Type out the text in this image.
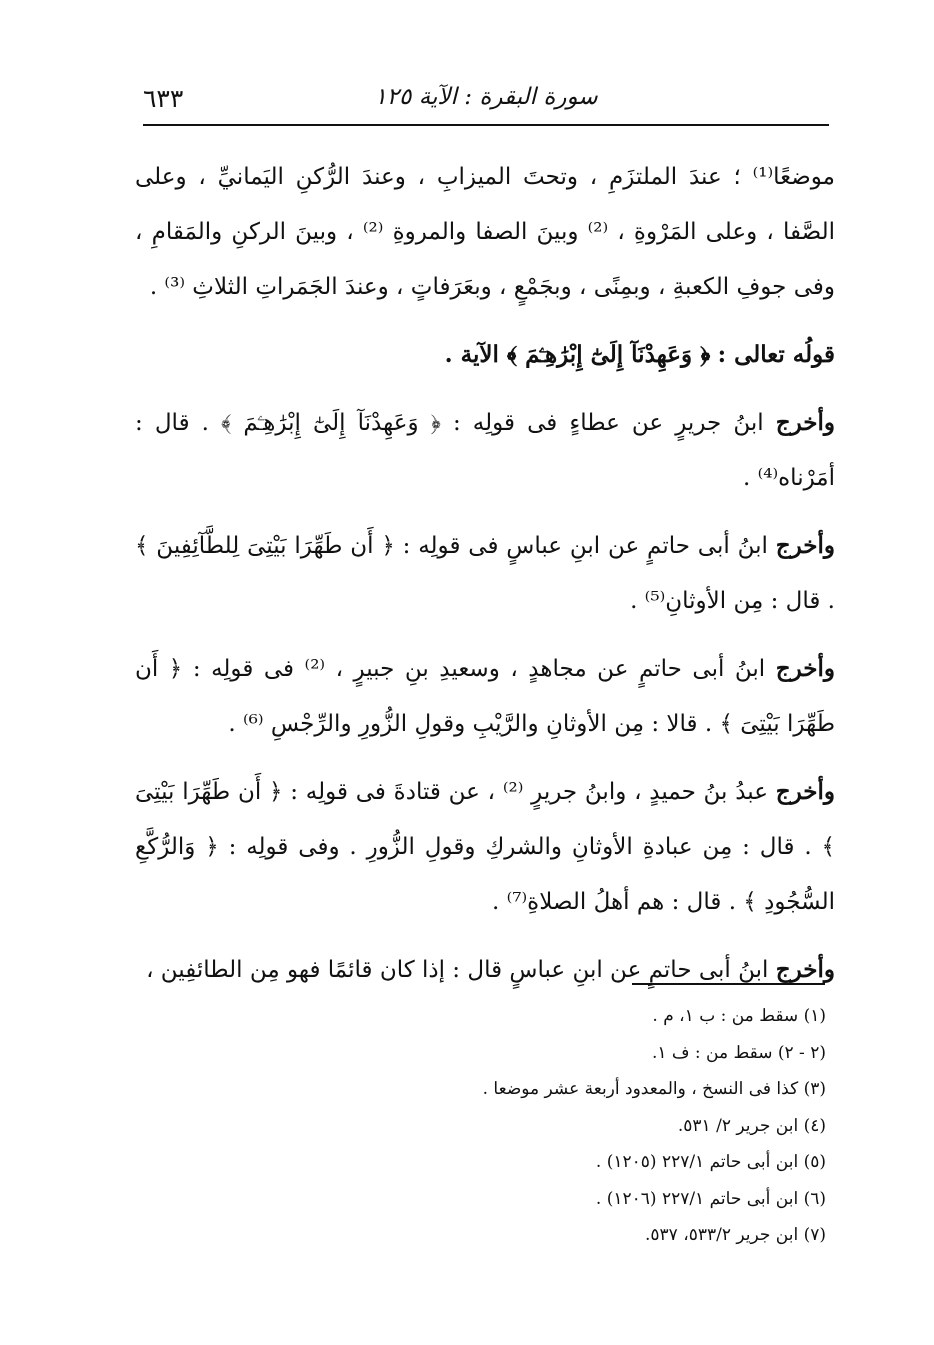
سورة البقرة : الآية ١٢٥
٦٣٣

موضعًا⁽¹⁾ ؛ عندَ الملتزَمِ ، وتحتَ الميزابِ ، وعندَ الرُّكنِ اليَمانيِّ ، وعلى الصَّفا ، وعلى المَرْوةِ ، ⁽²⁾ وبينَ الصفا والمروةِ ⁽²⁾ ، وبينَ الركنِ والمَقامِ ، وفى جوفِ الكعبةِ ، وبمِنًى ، وبجَمْعٍ ، وبعَرَفاتٍ ، وعندَ الجَمَراتِ الثلاثِ ⁽³⁾ .

قولُه تعالى : ﴿ وَعَهِدْنَآ إِلَىٰٓ إِبْرَٰهِـۧمَ ﴾ الآية .

وأخرج ابنُ جريرٍ عن عطاءٍ فى قولِه : ﴿ وَعَهِدْنَآ إِلَىٰٓ إِبْرَٰهِـۧمَ ﴾ . قال : أمَرْناه⁽⁴⁾ .

وأخرج ابنُ أبى حاتمٍ عن ابنِ عباسٍ فى قولِه : ﴿ أَن طَهِّرَا بَيْتِىَ لِلطَّآئِفِينَ ﴾ . قال : مِن الأوثانِ⁽⁵⁾ .

وأخرج ابنُ أبى حاتمٍ عن مجاهدٍ ، وسعيدِ بنِ جبيرٍ ، ⁽²⁾ فى قولِه : ﴿ أَن طَهِّرَا بَيْتِىَ ﴾ . قالا : مِن الأوثانِ والرَّيْبِ وقولِ الزُّورِ والرِّجْسِ ⁽⁶⁾ .

وأخرج عبدُ بنُ حميدٍ ، وابنُ جريرٍ ⁽²⁾ ، عن قتادةَ فى قولِه : ﴿ أَن طَهِّرَا بَيْتِىَ ﴾ . قال : مِن عبادةِ الأوثانِ والشركِ وقولِ الزُّورِ . وفى قولِه : ﴿ وَالرُّكَّعِ السُّجُودِ ﴾ . قال : هم أهلُ الصلاةِ⁽⁷⁾ .

وأخرج ابنُ أبى حاتمٍ عن ابنِ عباسٍ قال : إذا كان قائمًا فهو مِن الطائفِين ،

(١) سقط من : ب ١، م .
(٢ - ٢) سقط من : ف ١.
(٣) كذا فى النسخ ، والمعدود أربعة عشر موضعا .
(٤) ابن جرير ٢/ ٥٣١.
(٥) ابن أبى حاتم ٢٢٧/١ (١٢٠٥) .
(٦) ابن أبى حاتم ٢٢٧/١ (١٢٠٦) .
(٧) ابن جرير ٥٣٣/٢، ٥٣٧.
